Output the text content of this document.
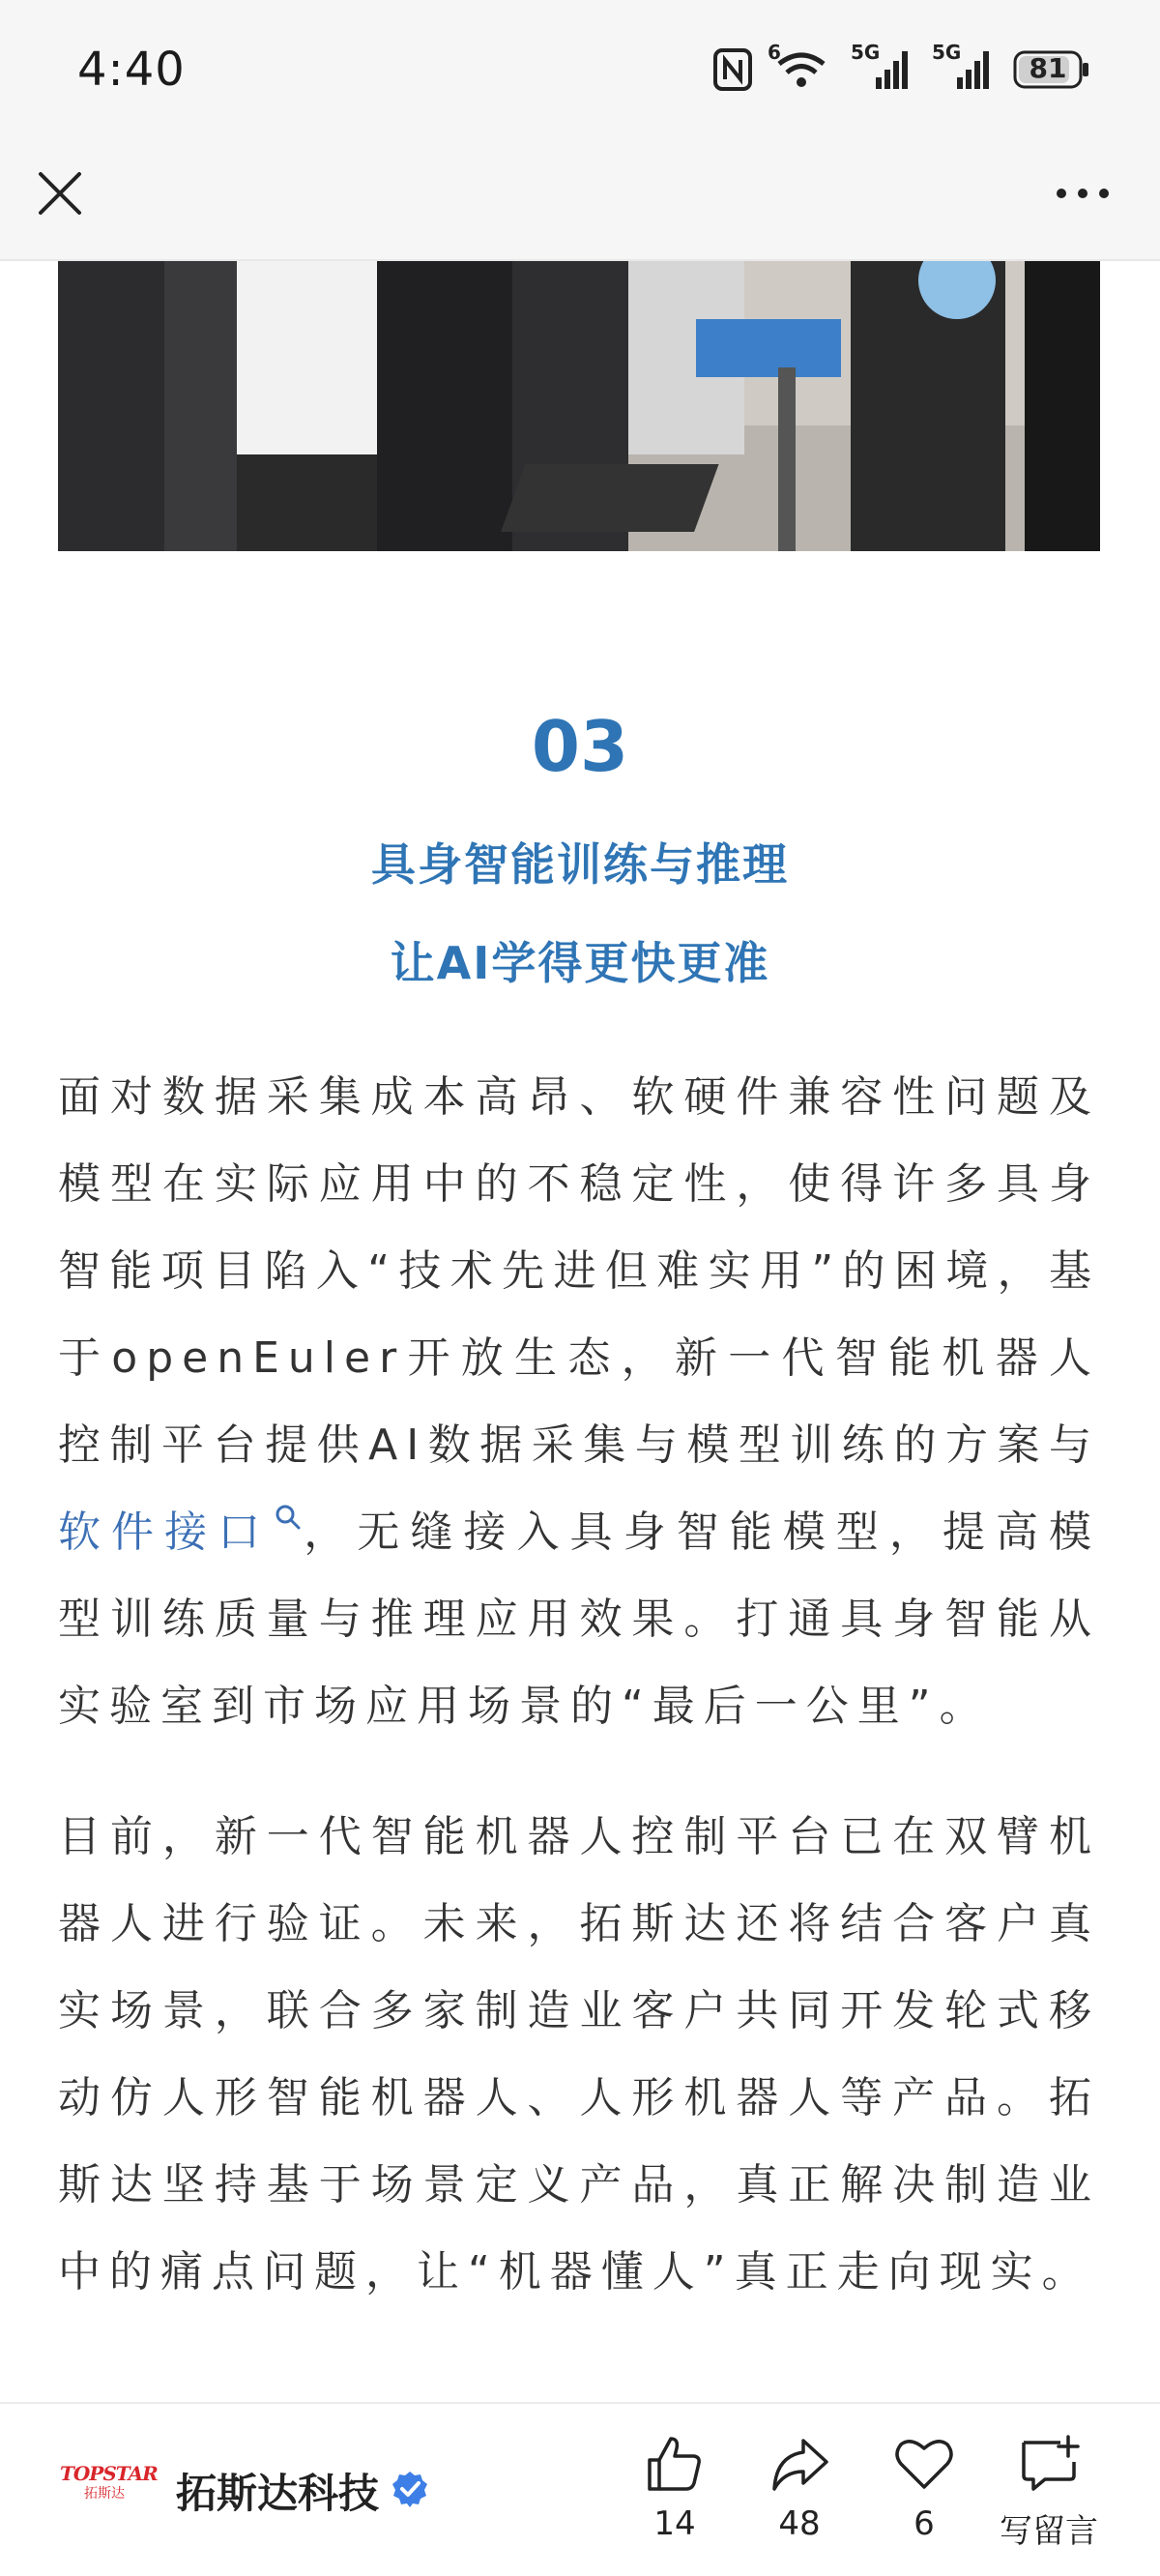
4:40	6	5G	5G	81
03
具身智能训练与推理
让AI学得更快更准

面对数据采集成本高昂、软硬件兼容性问题及模型在实际应用中的不稳定性，使得许多具身智能项目陷入“技术先进但难实用”的困境，基于openEuler开放生态，新一代智能机器人控制平台提供AI数据采集与模型训练的方案与软件接口 ，无缝接入具身智能模型，提高模型训练质量与推理应用效果。打通具身智能从实验室到市场应用场景的“最后一公里”。

目前，新一代智能机器人控制平台已在双臂机器人进行验证。未来，拓斯达还将结合客户真实场景，联合多家制造业客户共同开发轮式移动仿人形智能机器人、人形机器人等产品。拓斯达坚持基于场景定义产品，真正解决制造业中的痛点问题，让“机器懂人”真正走向现实。

TOPSTAR
拓斯达	拓斯达科技
14	48	6	写留言
